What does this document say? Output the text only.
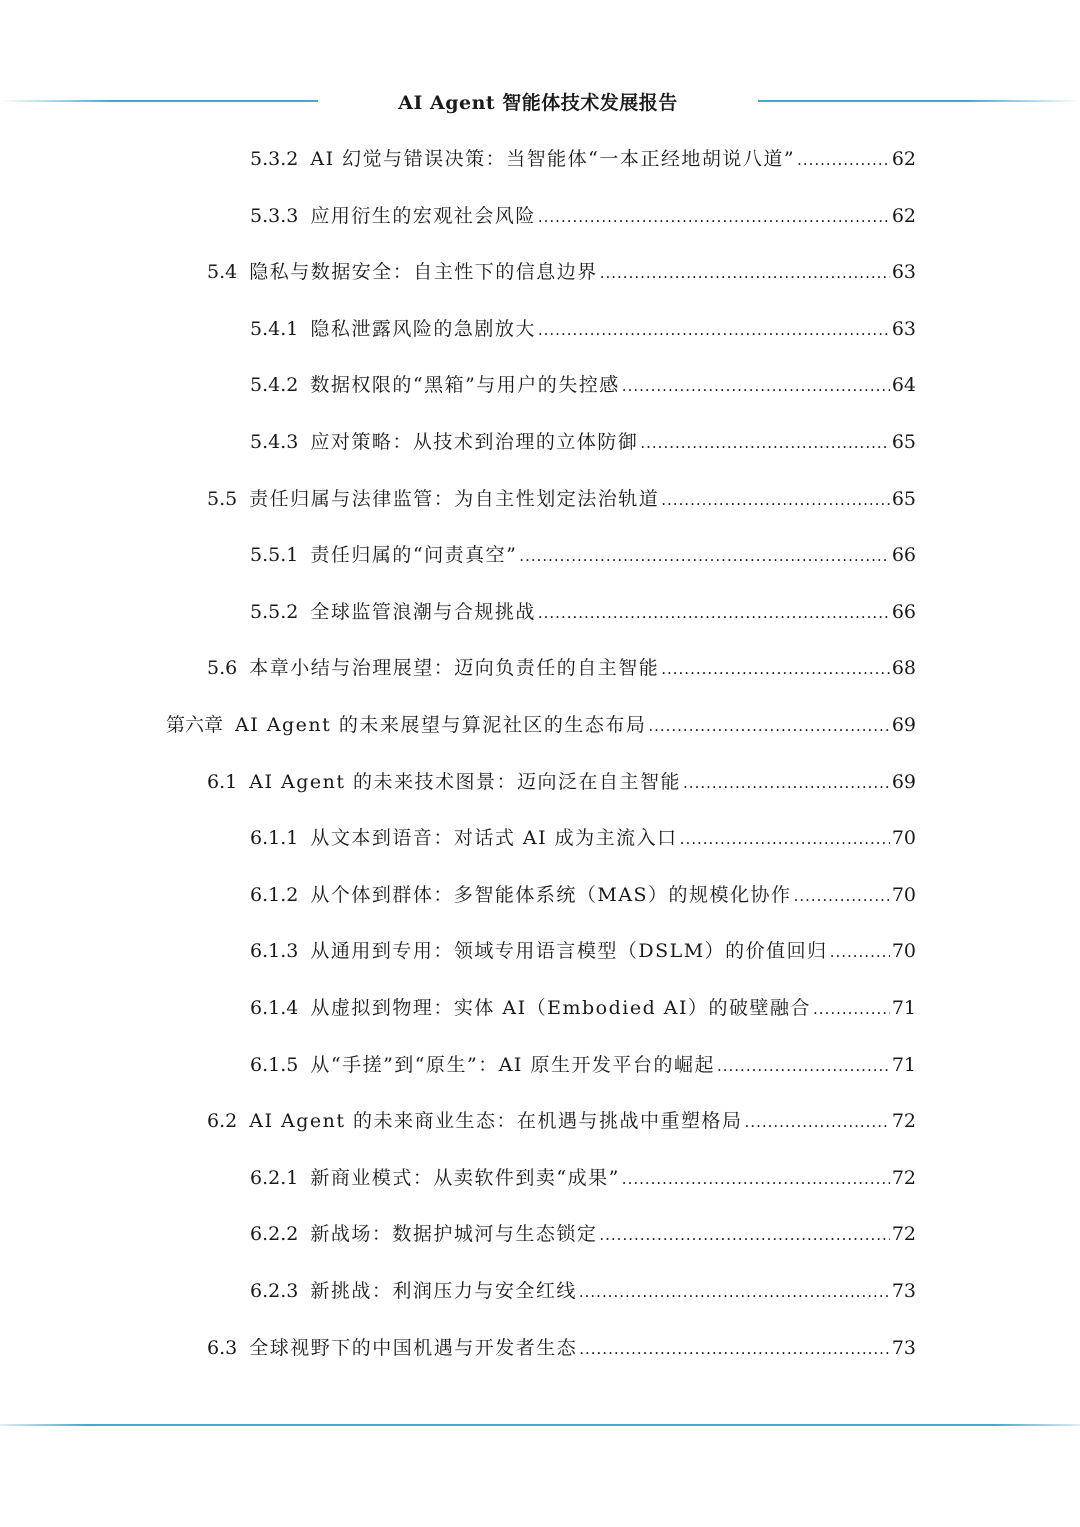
AI Agent 智能体技术发展报告
5.3.2 AI 幻觉与错误决策：当智能体“一本正经地胡说八道” .....	62
5.3.3 应用衍生的宏观社会风险 .....	62
5.4 隐私与数据安全：自主性下的信息边界 .....	63
5.4.1 隐私泄露风险的急剧放大 .....	63
5.4.2 数据权限的“黑箱”与用户的失控感 .....	64
5.4.3 应对策略：从技术到治理的立体防御 .....	65
5.5 责任归属与法律监管：为自主性划定法治轨道 .....	65
5.5.1 责任归属的“问责真空” .....	66
5.5.2 全球监管浪潮与合规挑战 .....	66
5.6 本章小结与治理展望：迈向负责任的自主智能 .....	68
第六章 AI Agent 的未来展望与算泥社区的生态布局 .....	69
6.1 AI Agent 的未来技术图景：迈向泛在自主智能 .....	69
6.1.1 从文本到语音：对话式 AI 成为主流入口 .....	70
6.1.2 从个体到群体：多智能体系统（MAS）的规模化协作 .....	70
6.1.3 从通用到专用：领域专用语言模型（DSLM）的价值回归 .....	70
6.1.4 从虚拟到物理：实体 AI（Embodied AI）的破壁融合 .....	71
6.1.5 从“手搓”到“原生”：AI 原生开发平台的崛起 .....	71
6.2 AI Agent 的未来商业生态：在机遇与挑战中重塑格局 .....	72
6.2.1 新商业模式：从卖软件到卖“成果” .....	72
6.2.2 新战场：数据护城河与生态锁定 .....	72
6.2.3 新挑战：利润压力与安全红线 .....	73
6.3 全球视野下的中国机遇与开发者生态 .....	73
